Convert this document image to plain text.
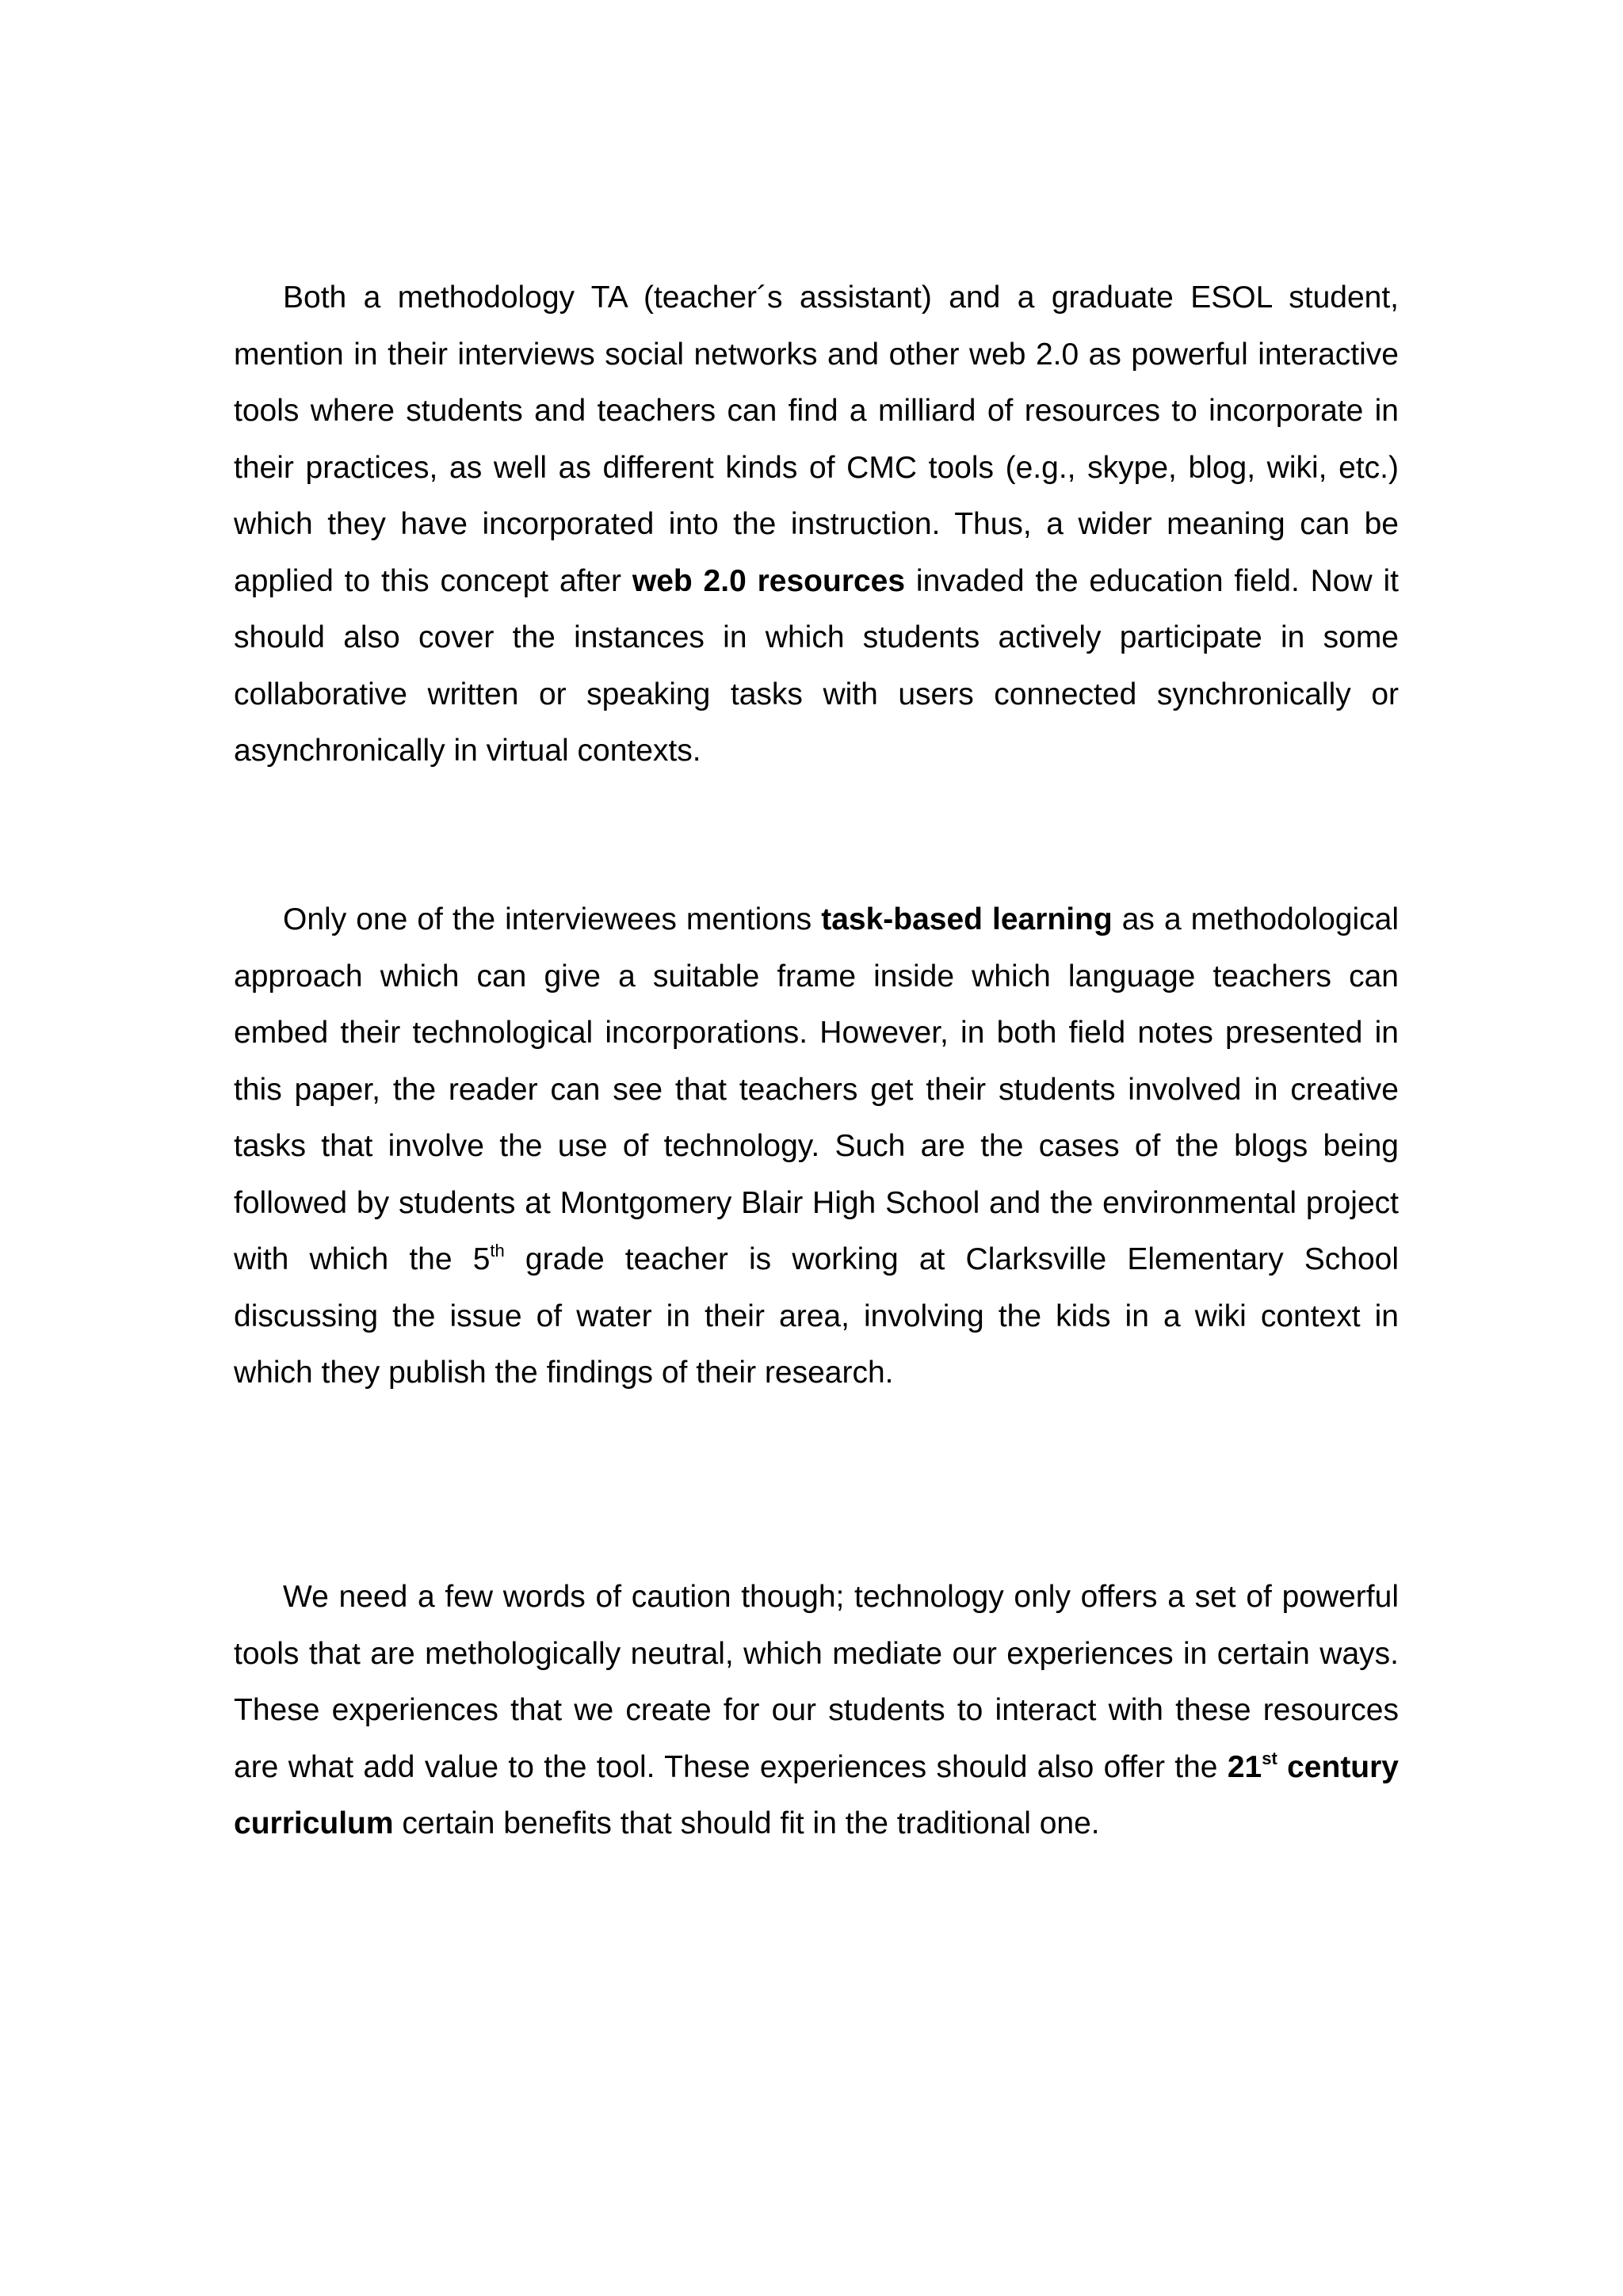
Both a methodology TA (teacher´s assistant) and a graduate ESOL student, mention in their interviews social networks and other web 2.0 as powerful interactive tools where students and teachers can find a milliard of resources to incorporate in their practices, as well as different kinds of CMC tools (e.g., skype, blog, wiki, etc.) which they have incorporated into the instruction. Thus, a wider meaning can be applied to this concept after web 2.0 resources invaded the education field. Now it should also cover the instances in which students actively participate in some collaborative written or speaking tasks with users connected synchronically or asynchronically in virtual contexts.

Only one of the interviewees mentions task-based learning as a methodological approach which can give a suitable frame inside which language teachers can embed their technological incorporations. However, in both field notes presented in this paper, the reader can see that teachers get their students involved in creative tasks that involve the use of technology. Such are the cases of the blogs being followed by students at Montgomery Blair High School and the environmental project with which the 5th grade teacher is working at Clarksville Elementary School discussing the issue of water in their area, involving the kids in a wiki context in which they publish the findings of their research.

We need a few words of caution though; technology only offers a set of powerful tools that are methologically neutral, which mediate our experiences in certain ways. These experiences that we create for our students to interact with these resources are what add value to the tool. These experiences should also offer the 21st century curriculum certain benefits that should fit in the traditional one.
